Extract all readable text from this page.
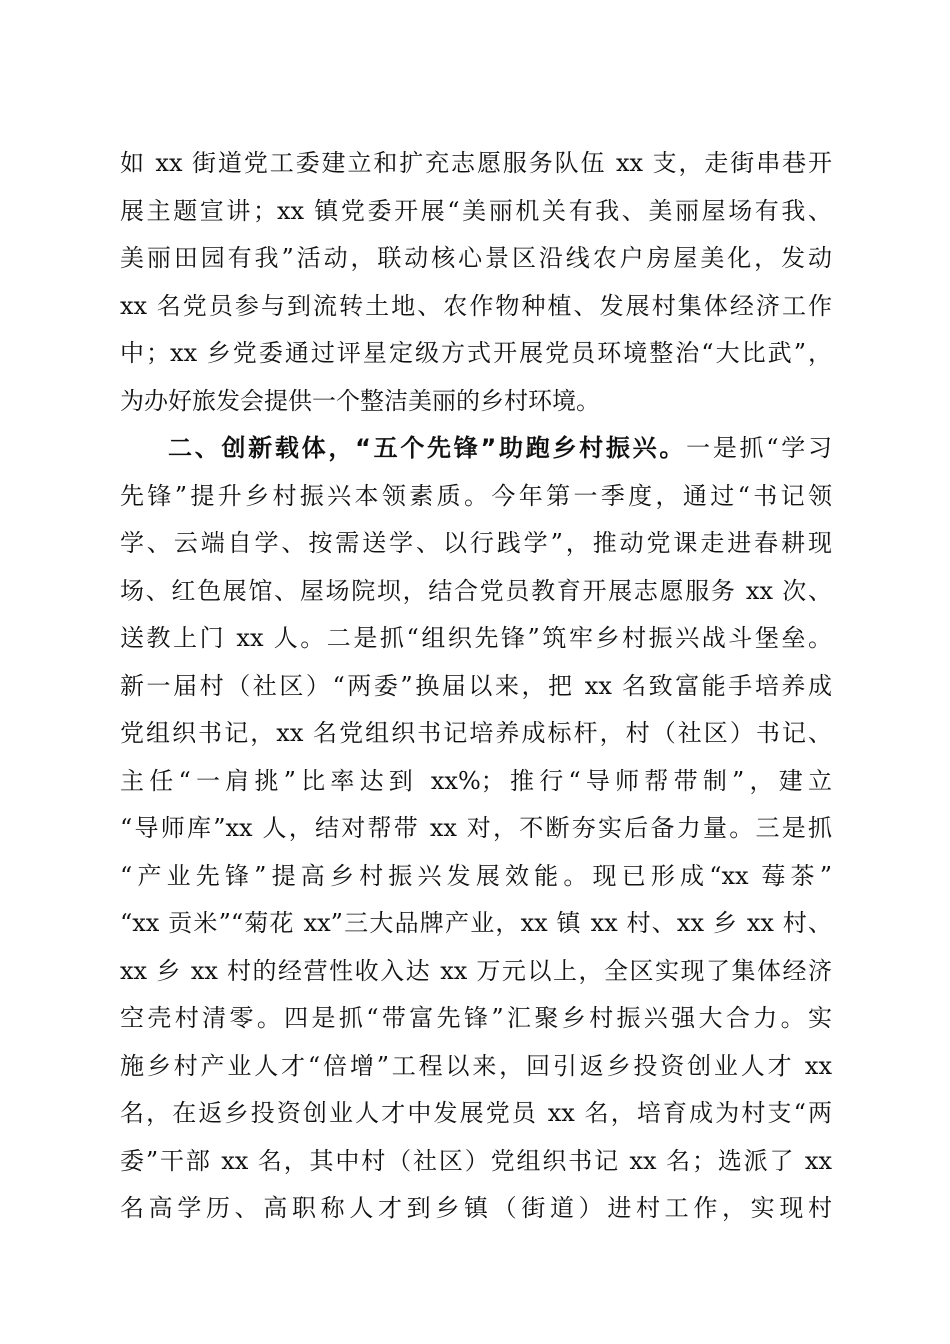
如 xx 街道党工委建立和扩充志愿服务队伍 xx 支，走街串巷开
展主题宣讲；xx 镇党委开展“美丽机关有我、美丽屋场有我、
美丽田园有我”活动，联动核心景区沿线农户房屋美化，发动
xx 名党员参与到流转土地、农作物种植、发展村集体经济工作
中；xx 乡党委通过评星定级方式开展党员环境整治“大比武”，
为办好旅发会提供一个整洁美丽的乡村环境。
二、创新载体，“五个先锋”助跑乡村振兴。一是抓“学习
先锋”提升乡村振兴本领素质。今年第一季度，通过“书记领
学、云端自学、按需送学、以行践学”，推动党课走进春耕现
场、红色展馆、屋场院坝，结合党员教育开展志愿服务 xx 次、
送教上门 xx 人。二是抓“组织先锋”筑牢乡村振兴战斗堡垒。
新一届村（社区）“两委”换届以来，把 xx 名致富能手培养成
党组织书记，xx 名党组织书记培养成标杆，村（社区）书记、
主任“一肩挑”比率达到 xx%；推行“导师帮带制”，建立
“导师库”xx 人，结对帮带 xx 对，不断夯实后备力量。三是抓
“产业先锋”提高乡村振兴发展效能。现已形成“xx 莓茶”
“xx 贡米”“菊花 xx”三大品牌产业，xx 镇 xx 村、xx 乡 xx 村、
xx 乡 xx 村的经营性收入达 xx 万元以上，全区实现了集体经济
空壳村清零。四是抓“带富先锋”汇聚乡村振兴强大合力。实
施乡村产业人才“倍增”工程以来，回引返乡投资创业人才 xx
名，在返乡投资创业人才中发展党员 xx 名，培育成为村支“两
委”干部 xx 名，其中村（社区）党组织书记 xx 名；选派了 xx
名高学历、高职称人才到乡镇（街道）进村工作，实现村
